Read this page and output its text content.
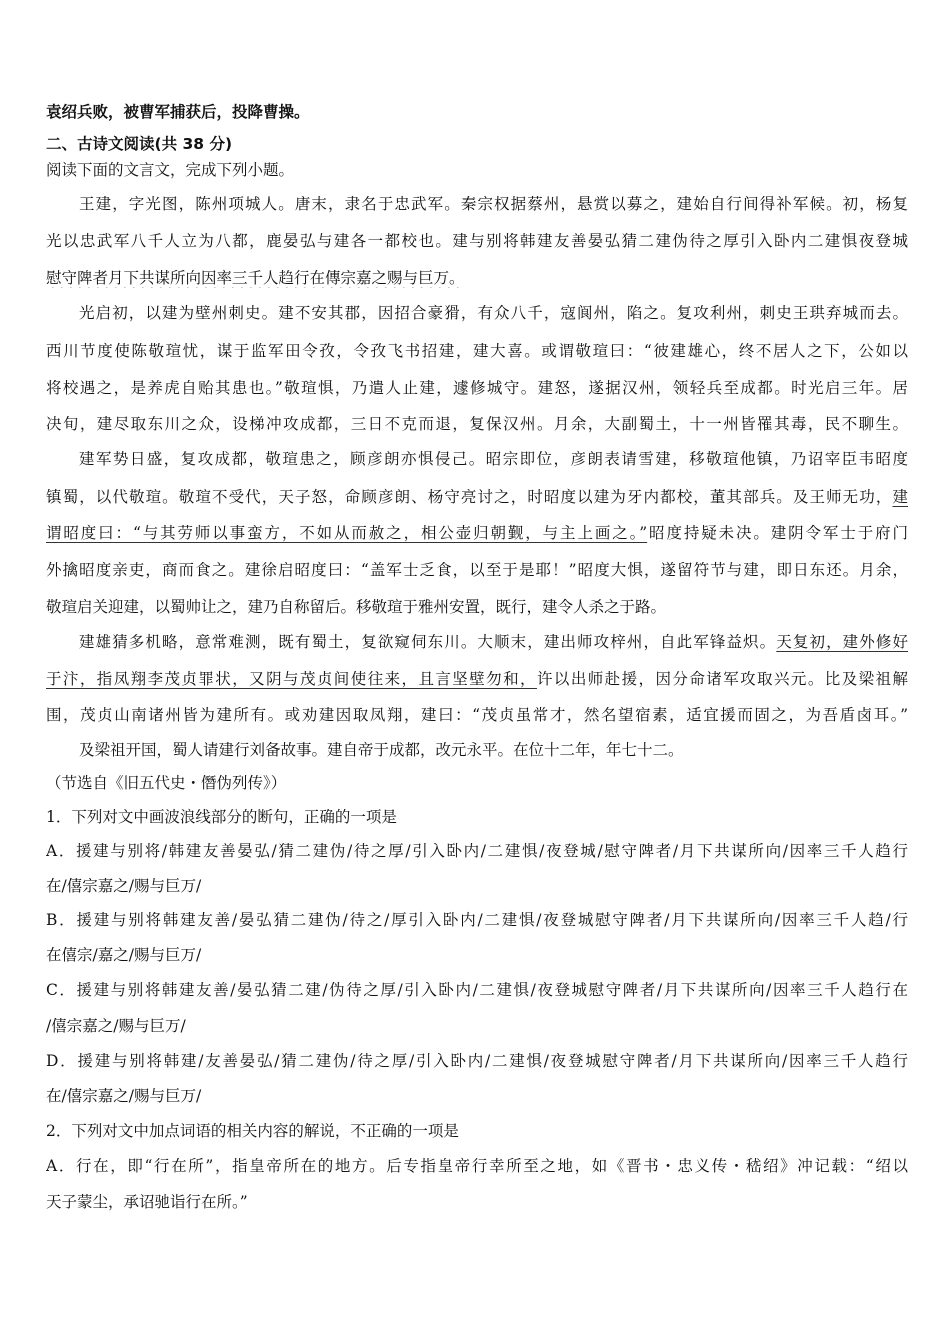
袁绍兵败，被曹军捕获后，投降曹操。
二、古诗文阅读(共 38 分)
阅读下面的文言文，完成下列小题。
王建，字光图，陈州项城人。唐末，隶名于忠武军。秦宗权据蔡州，悬赏以募之，建始自行间得补军候。初，杨复
光以忠武军八千人立为八都，鹿晏弘与建各一都校也。建与别将韩建友善晏弘猜二建伪待之厚引入卧内二建惧夜登城
慰守陴者月下共谋所向因率三千人趋行在傳宗嘉之赐与巨万。
光启初，以建为壁州刺史。建不安其郡，因招合豪猾，有众八千，寇阆州，陷之。复攻利州，刺史王珙弃城而去。
西川节度使陈敬瑄忧，谋于监军田令孜，令孜飞书招建，建大喜。或谓敬瑄曰：“彼建雄心，终不居人之下，公如以
将校遇之，是养虎自贻其患也。”敬瑄惧，乃遣人止建，遽修城守。建怒，遂据汉州，领轻兵至成都。时光启三年。居
决旬，建尽取东川之众，设梯冲攻成都，三日不克而退，复保汉州。月余，大副蜀土，十一州皆罹其毒，民不聊生。
建军势日盛，复攻成都，敬瑄患之，顾彦朗亦惧侵己。昭宗即位，彦朗表请雪建，移敬瑄他镇，乃诏宰臣韦昭度
镇蜀，以代敬瑄。敬瑄不受代，天子怒，命顾彦朗、杨守亮讨之，时昭度以建为牙内都校，董其部兵。及王师无功，建
谓昭度曰：“与其劳师以事蛮方，不如从而赦之，相公壶归朝觐，与主上画之。”昭度持疑未决。建阴令军士于府门
外擒昭度亲吏，商而食之。建徐启昭度曰：“盖军士乏食，以至于是耶！”昭度大惧，遂留符节与建，即日东还。月余，
敬瑄启关迎建，以蜀帅让之，建乃自称留后。移敬瑄于雅州安置，既行，建令人杀之于路。
建雄猜多机略，意常难测，既有蜀土，复欲窥伺东川。大顺末，建出师攻梓州，自此军锋益炽。天复初，建外修好
于汴，指凤翔李茂贞罪状，又阴与茂贞间使往来，且言坚壁勿和，许以出师赴援，因分命诸军攻取兴元。比及梁祖解
围，茂贞山南诸州皆为建所有。或劝建因取凤翔，建曰：“茂贞虽常才，然名望宿素，适宜援而固之，为吾盾卤耳。”
及梁祖开国，蜀人请建行刘备故事。建自帝于成都，改元永平。在位十二年，年七十二。
（节选自《旧五代史・僭伪列传》）
1．下列对文中画波浪线部分的断句，正确的一项是
A．援建与别将/韩建友善晏弘/猜二建伪/待之厚/引入卧内/二建惧/夜登城/慰守陴者/月下共谋所向/因率三千人趋行
在/僖宗嘉之/赐与巨万/
B．援建与别将韩建友善/晏弘猜二建伪/待之/厚引入卧内/二建惧/夜登城慰守陴者/月下共谋所向/因率三千人趋/行
在僖宗/嘉之/赐与巨万/
C．援建与别将韩建友善/晏弘猜二建/伪待之厚/引入卧内/二建惧/夜登城慰守陴者/月下共谋所向/因率三千人趋行在
/僖宗嘉之/赐与巨万/
D．援建与别将韩建/友善晏弘/猜二建伪/待之厚/引入卧内/二建惧/夜登城慰守陴者/月下共谋所向/因率三千人趋行
在/僖宗嘉之/赐与巨万/
2．下列对文中加点词语的相关内容的解说，不正确的一项是
A．行在，即“行在所”，指皇帝所在的地方。后专指皇帝行幸所至之地，如《晋书・忠义传・嵇绍》冲记载：“绍以
天子蒙尘，承诏驰诣行在所。”
